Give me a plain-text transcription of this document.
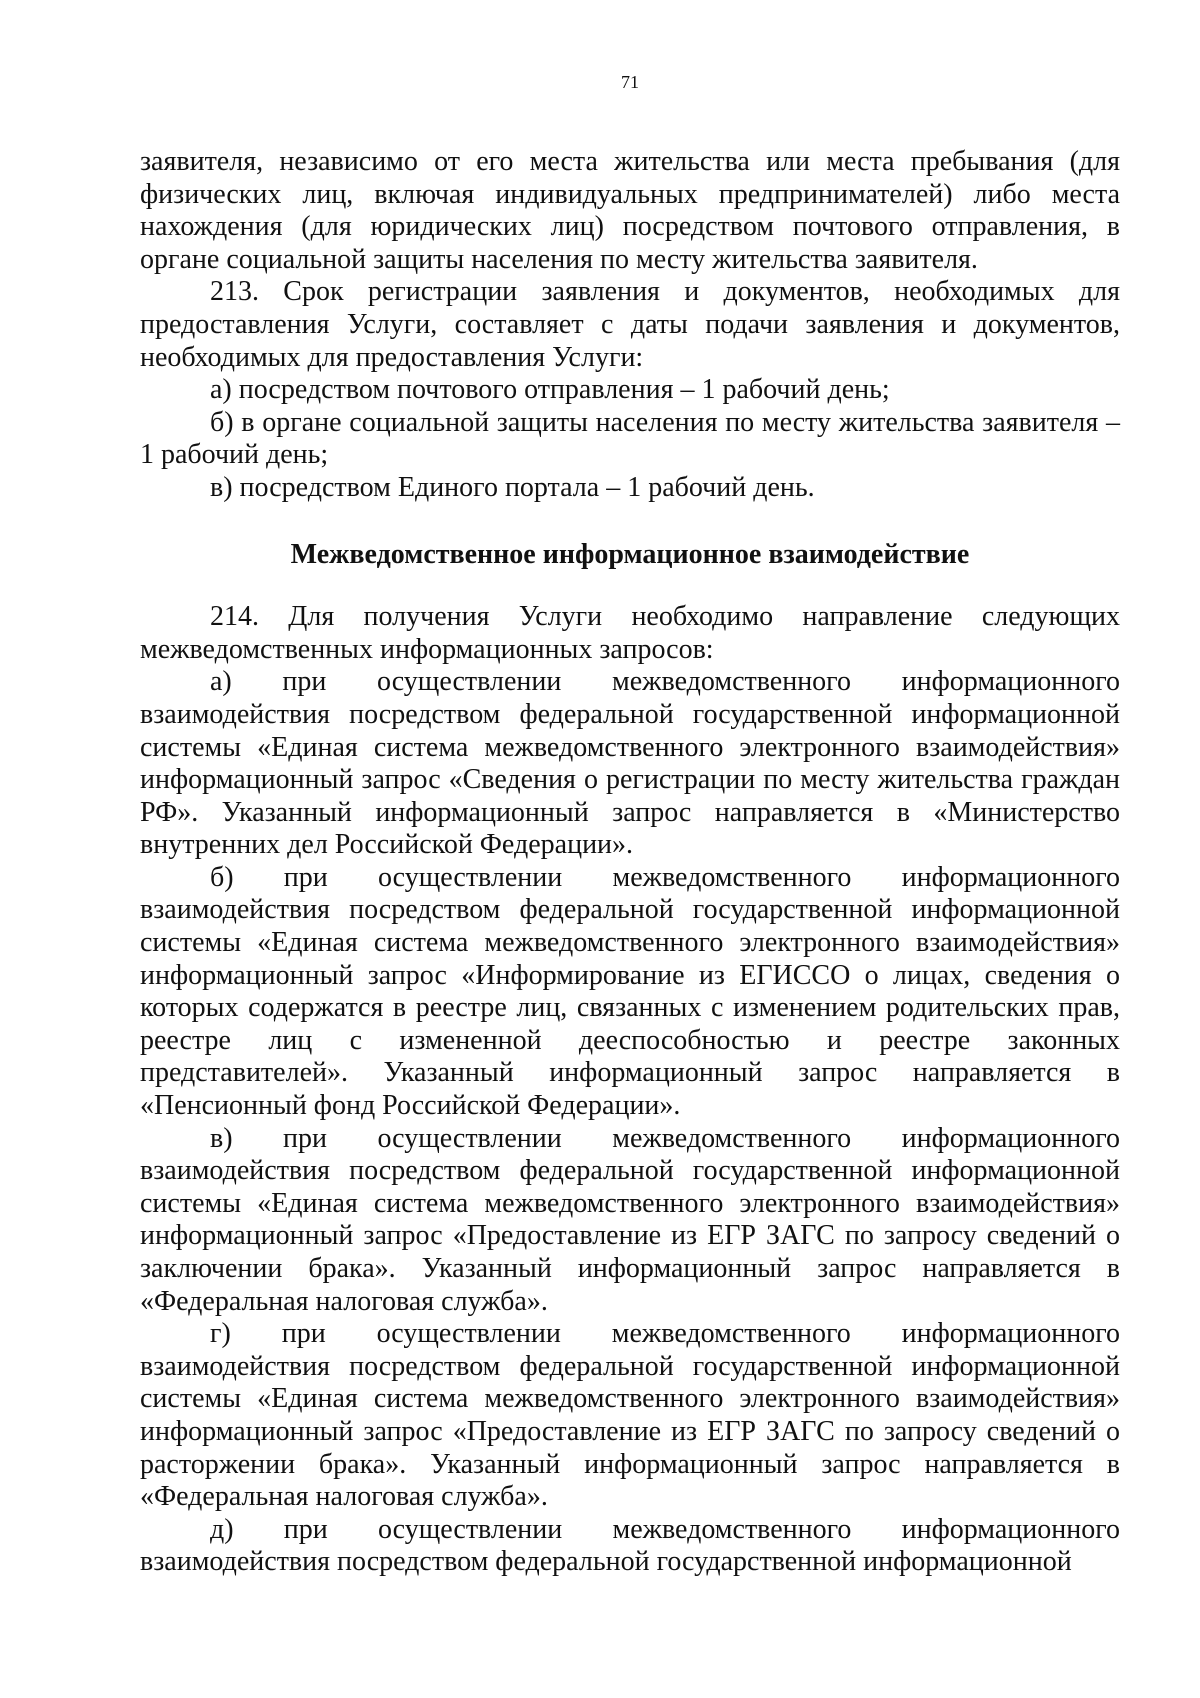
71

заявителя, независимо от его места жительства или места пребывания (для физических лиц, включая индивидуальных предпринимателей) либо места нахождения (для юридических лиц) посредством почтового отправления, в органе социальной защиты населения по месту жительства заявителя.

213. Срок регистрации заявления и документов, необходимых для предоставления Услуги, составляет с даты подачи заявления и документов, необходимых для предоставления Услуги:

а) посредством почтового отправления – 1 рабочий день;

б) в органе социальной защиты населения по месту жительства заявителя – 1 рабочий день;

в) посредством Единого портала – 1 рабочий день.

Межведомственное информационное взаимодействие

214. Для получения Услуги необходимо направление следующих межведомственных информационных запросов:

а) при осуществлении межведомственного информационного взаимодействия посредством федеральной государственной информационной системы «Единая система межведомственного электронного взаимодействия» информационный запрос «Сведения о регистрации по месту жительства граждан РФ». Указанный информационный запрос направляется в «Министерство внутренних дел Российской Федерации».

б) при осуществлении межведомственного информационного взаимодействия посредством федеральной государственной информационной системы «Единая система межведомственного электронного взаимодействия» информационный запрос «Информирование из ЕГИССО о лицах, сведения о которых содержатся в реестре лиц, связанных с изменением родительских прав, реестре лиц с измененной дееспособностью и реестре законных представителей». Указанный информационный запрос направляется в «Пенсионный фонд Российской Федерации».

в) при осуществлении межведомственного информационного взаимодействия посредством федеральной государственной информационной системы «Единая система межведомственного электронного взаимодействия» информационный запрос «Предоставление из ЕГР ЗАГС по запросу сведений о заключении брака». Указанный информационный запрос направляется в «Федеральная налоговая служба».

г) при осуществлении межведомственного информационного взаимодействия посредством федеральной государственной информационной системы «Единая система межведомственного электронного взаимодействия» информационный запрос «Предоставление из ЕГР ЗАГС по запросу сведений о расторжении брака». Указанный информационный запрос направляется в «Федеральная налоговая служба».

д) при осуществлении межведомственного информационного взаимодействия посредством федеральной государственной информационной
